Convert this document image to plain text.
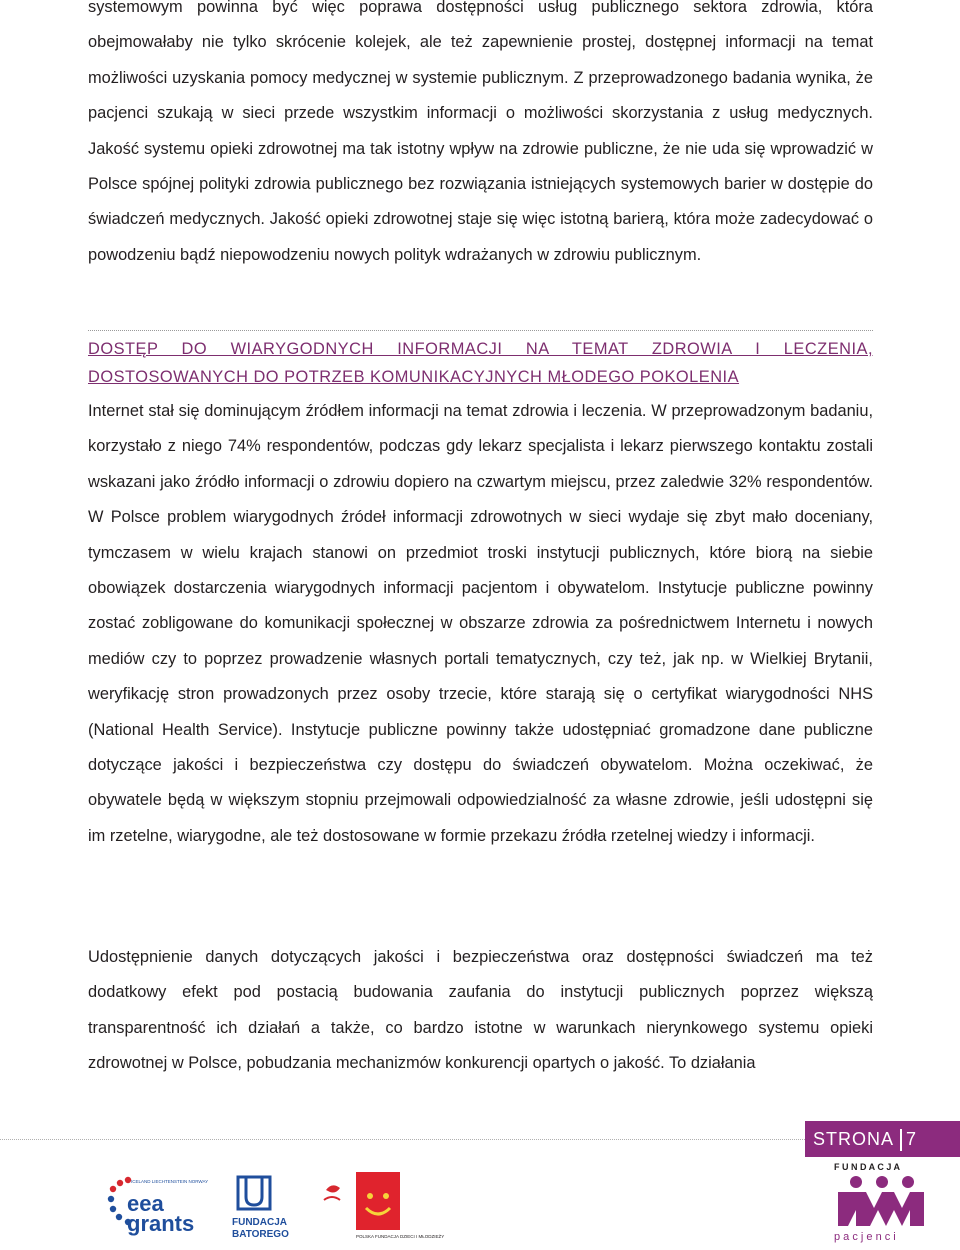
systemowym powinna być więc poprawa dostępności usług publicznego sektora zdrowia, która obejmowałaby nie tylko skrócenie kolejek, ale też zapewnienie prostej, dostępnej informacji na temat możliwości uzyskania pomocy medycznej w systemie publicznym. Z przeprowadzonego badania wynika, że pacjenci szukają w sieci przede wszystkim informacji o możliwości skorzystania z usług medycznych. Jakość systemu opieki zdrowotnej ma tak istotny wpływ na zdrowie publiczne, że nie uda się wprowadzić w Polsce spójnej polityki zdrowia publicznego bez rozwiązania istniejących systemowych barier w dostępie do świadczeń medycznych. Jakość opieki zdrowotnej staje się więc istotną barierą, która może zadecydować o powodzeniu bądź niepowodzeniu nowych polityk wdrażanych w zdrowiu publicznym.

DOSTĘP DO WIARYGODNYCH INFORMACJI NA TEMAT ZDROWIA I LECZENIA, DOSTOSOWANYCH DO POTRZEB KOMUNIKACYJNYCH MŁODEGO POKOLENIA

Internet stał się dominującym źródłem informacji na temat zdrowia i leczenia. W przeprowadzonym badaniu, korzystało z niego 74% respondentów, podczas gdy lekarz specjalista i lekarz pierwszego kontaktu zostali wskazani jako źródło informacji o zdrowiu dopiero na czwartym miejscu, przez zaledwie 32% respondentów. W Polsce problem wiarygodnych źródeł informacji zdrowotnych w sieci wydaje się zbyt mało doceniany, tymczasem w wielu krajach stanowi on przedmiot troski instytucji publicznych, które biorą na siebie obowiązek dostarczenia wiarygodnych informacji pacjentom i obywatelom. Instytucje publiczne powinny zostać zobligowane do komunikacji społecznej w obszarze zdrowia za pośrednictwem Internetu i nowych mediów czy to poprzez prowadzenie własnych portali tematycznych, czy też, jak np. w Wielkiej Brytanii, weryfikację stron prowadzonych przez osoby trzecie, które starają się o certyfikat wiarygodności NHS (National Health Service). Instytucje publiczne powinny także udostępniać gromadzone dane publiczne dotyczące jakości i bezpieczeństwa czy dostępu do świadczeń obywatelom. Można oczekiwać, że obywatele będą w większym stopniu przejmowali odpowiedzialność za własne zdrowie, jeśli udostępni się im rzetelne, wiarygodne, ale też dostosowane w formie przekazu źródła rzetelnej wiedzy i informacji.

Udostępnienie danych dotyczących jakości i bezpieczeństwa oraz dostępności świadczeń ma też dodatkowy efekt pod postacią budowania zaufania do instytucji publicznych poprzez większą transparentność ich działań a także, co bardzo istotne w warunkach nierynkowego systemu opieki zdrowotnej w Polsce, pobudzania mechanizmów konkurencji opartych o jakość. To działania

STRONA 7
ICELAND LIECHTENSTEIN NORWAY
eea
grants	FUNDACJA
BATOREGO	POLSKA FUNDACJA DZIECI I MŁODZIEŻY
F U N D A C J A
p a c j e n c i
